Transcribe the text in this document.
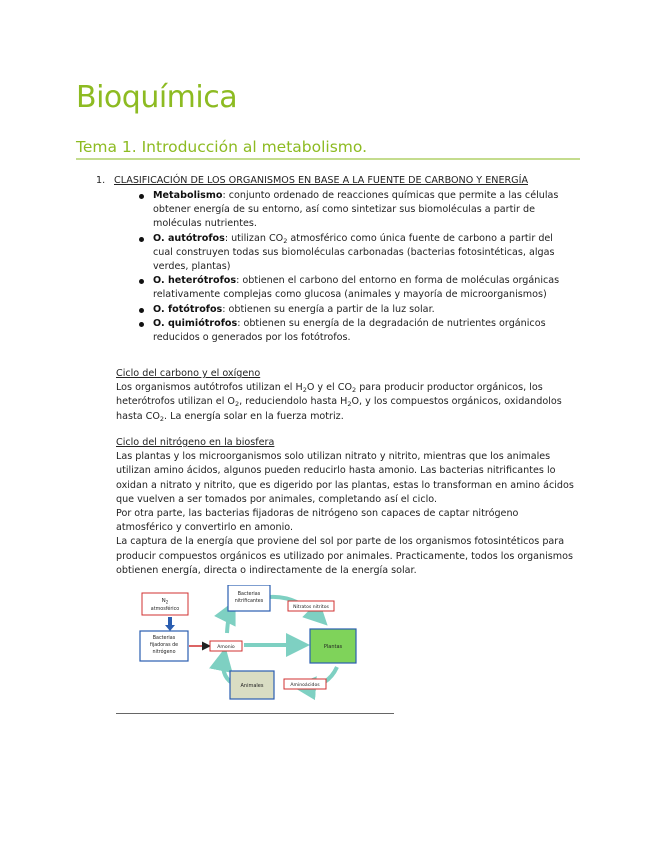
Bioquímica
Tema 1. Introducción al metabolismo.
1. CLASIFICACIÓN DE LOS ORGANISMOS EN BASE A LA FUENTE DE CARBONO Y ENERGÍA
Metabolismo: conjunto ordenado de reacciones químicas que permite a las células obtener energía de su entorno, así como sintetizar sus biomoléculas a partir de moléculas nutrientes.
O. autótrofos: utilizan $CO_2$ atmosférico como única fuente de carbono a partir del cual construyen todas sus biomoléculas carbonadas (bacterias fotosintéticas, algas verdes, plantas)
O. heterótrofos: obtienen el carbono del entorno en forma de moléculas orgánicas relativamente complejas como glucosa (animales y mayoría de microorganismos)
O. fotótrofos: obtienen su energía a partir de la luz solar.
O. quimiótrofos: obtienen su energía de la degradación de nutrientes orgánicos reducidos o generados por los fotótrofos.
Ciclo del carbono y el oxígeno
Los organismos autótrofos utilizan el $H_2O$ y el $CO_2$ para producir productor orgánicos, los heterótrofos utilizan el $O_2$, reduciendolo hasta $H_2O$, y los compuestos orgánicos, oxidandolos hasta $CO_2$. La energía solar en la fuerza motriz.
Ciclo del nitrógeno en la biosfera
Las plantas y los microorganismos solo utilizan nitrato y nitrito, mientras que los animales utilizan amino ácidos, algunos pueden reducirlo hasta amonio. Las bacterias nitrificantes lo oxidan a nitrato y nitrito, que es digerido por las plantas, estas lo transforman en amino ácidos que vuelven a ser tomados por animales, completando así el ciclo.
Por otra parte, las bacterias fijadoras de nitrógeno son capaces de captar nitrógeno atmosférico y convertirlo en amonio.
La captura de la energía que proviene del sol por parte de los organismos fotosintéticos para producir compuestos orgánicos es utilizado por animales. Practicamente, todos los organismos obtienen energía, directa o indirectamente de la energía solar.
$N_2$
atmosférico
Bacterias
fijadoras de
nitrógeno
Bacterias
nitrificantes
Nitratos nitritos
Plantas
Amonio
Aminoácidos
Animales
